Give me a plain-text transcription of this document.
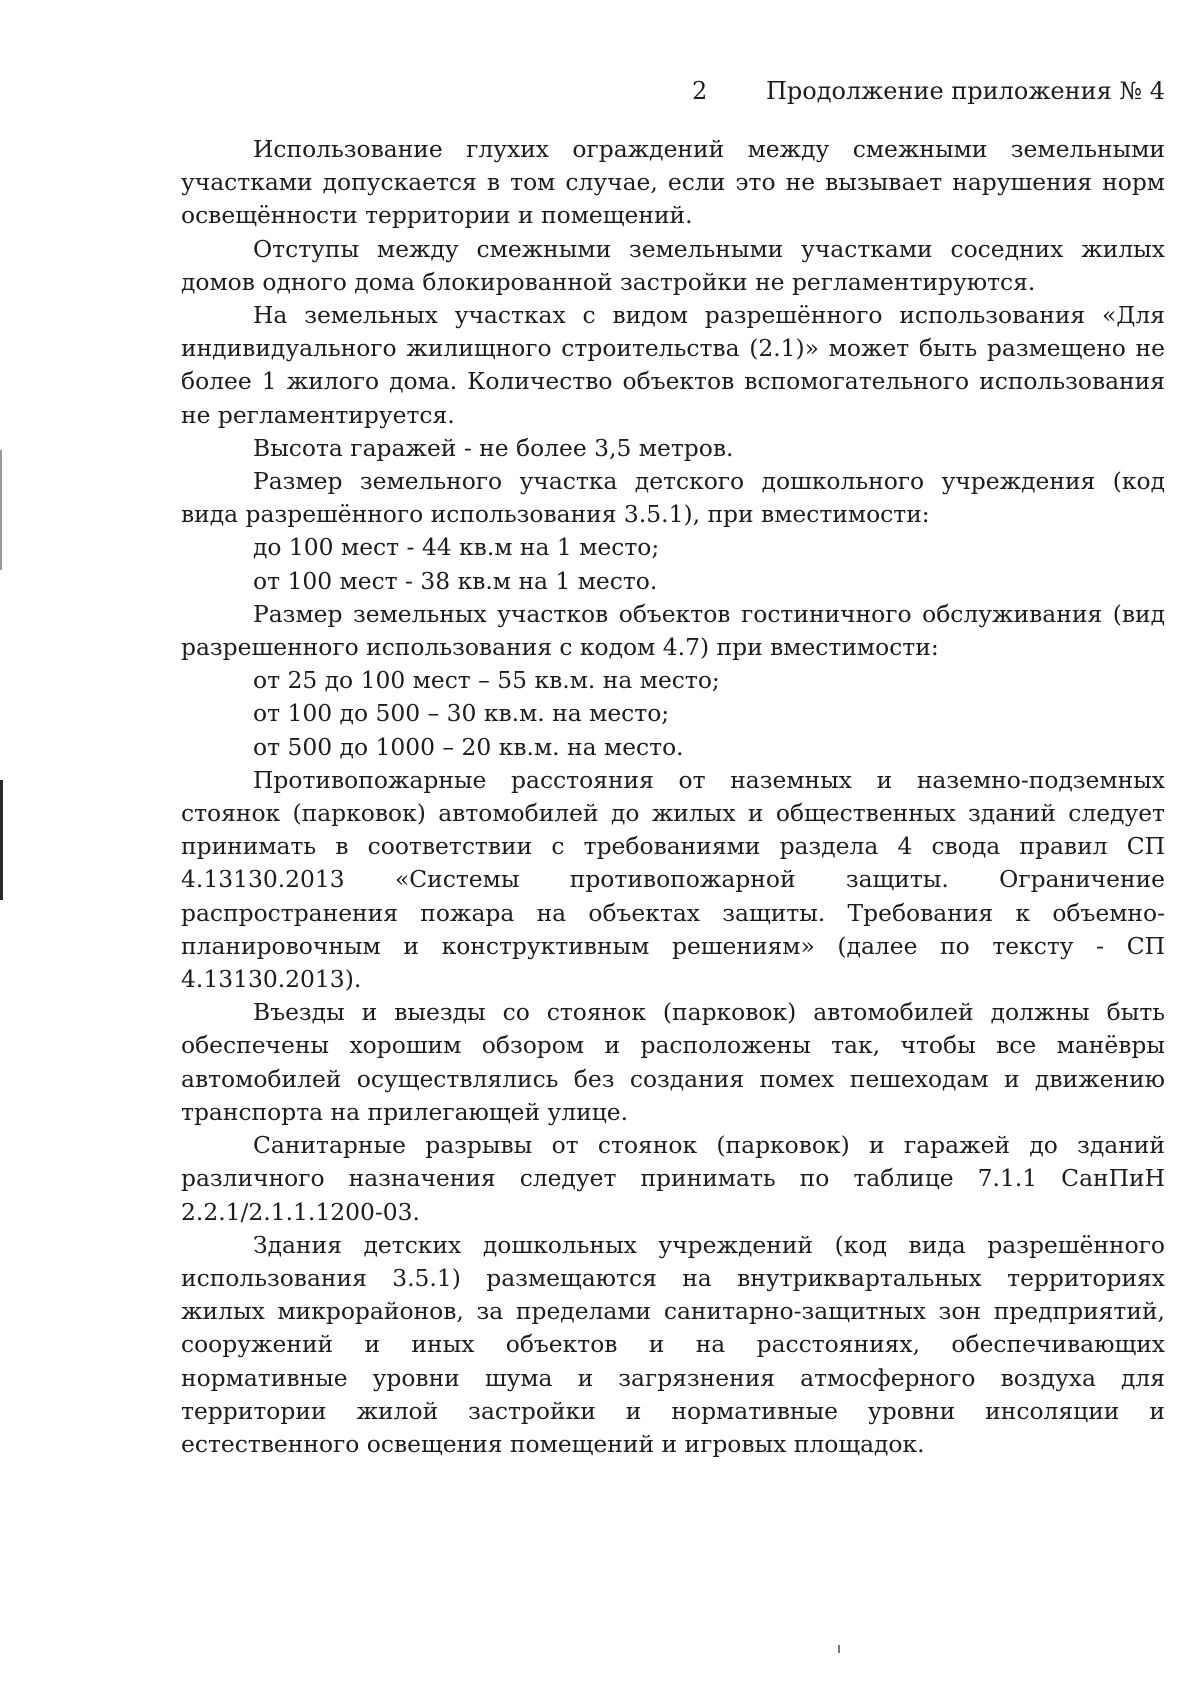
2 Продолжение приложения № 4

Использование глухих ограждений между смежными земельными участками допускается в том случае, если это не вызывает нарушения норм освещённости территории и помещений.

Отступы между смежными земельными участками соседних жилых домов одного дома блокированной застройки не регламентируются.

На земельных участках с видом разрешённого использования «Для индивидуального жилищного строительства (2.1)» может быть размещено не более 1 жилого дома. Количество объектов вспомогательного использования не регламентируется.

Высота гаражей - не более 3,5 метров.

Размер земельного участка детского дошкольного учреждения (код вида разрешённого использования 3.5.1), при вместимости:

до 100 мест - 44 кв.м на 1 место;
от 100 мест - 38 кв.м на 1 место.

Размер земельных участков объектов гостиничного обслуживания (вид разрешенного использования с кодом 4.7) при вместимости:

от 25 до 100 мест – 55 кв.м. на место;
от 100 до 500 – 30 кв.м. на место;
от 500 до 1000 – 20 кв.м. на место.

Противопожарные расстояния от наземных и наземно-подземных стоянок (парковок) автомобилей до жилых и общественных зданий следует принимать в соответствии с требованиями раздела 4 свода правил СП 4.13130.2013 «Системы противопожарной защиты. Ограничение распространения пожара на объектах защиты. Требования к объемно-планировочным и конструктивным решениям» (далее по тексту - СП 4.13130.2013).

Въезды и выезды со стоянок (парковок) автомобилей должны быть обеспечены хорошим обзором и расположены так, чтобы все манёвры автомобилей осуществлялись без создания помех пешеходам и движению транспорта на прилегающей улице.

Санитарные разрывы от стоянок (парковок) и гаражей до зданий различного назначения следует принимать по таблице 7.1.1 СанПиН 2.2.1/2.1.1.1200-03.

Здания детских дошкольных учреждений (код вида разрешённого использования 3.5.1) размещаются на внутриквартальных территориях жилых микрорайонов, за пределами санитарно-защитных зон предприятий, сооружений и иных объектов и на расстояниях, обеспечивающих нормативные уровни шума и загрязнения атмосферного воздуха для территории жилой застройки и нормативные уровни инсоляции и естественного освещения помещений и игровых площадок.
